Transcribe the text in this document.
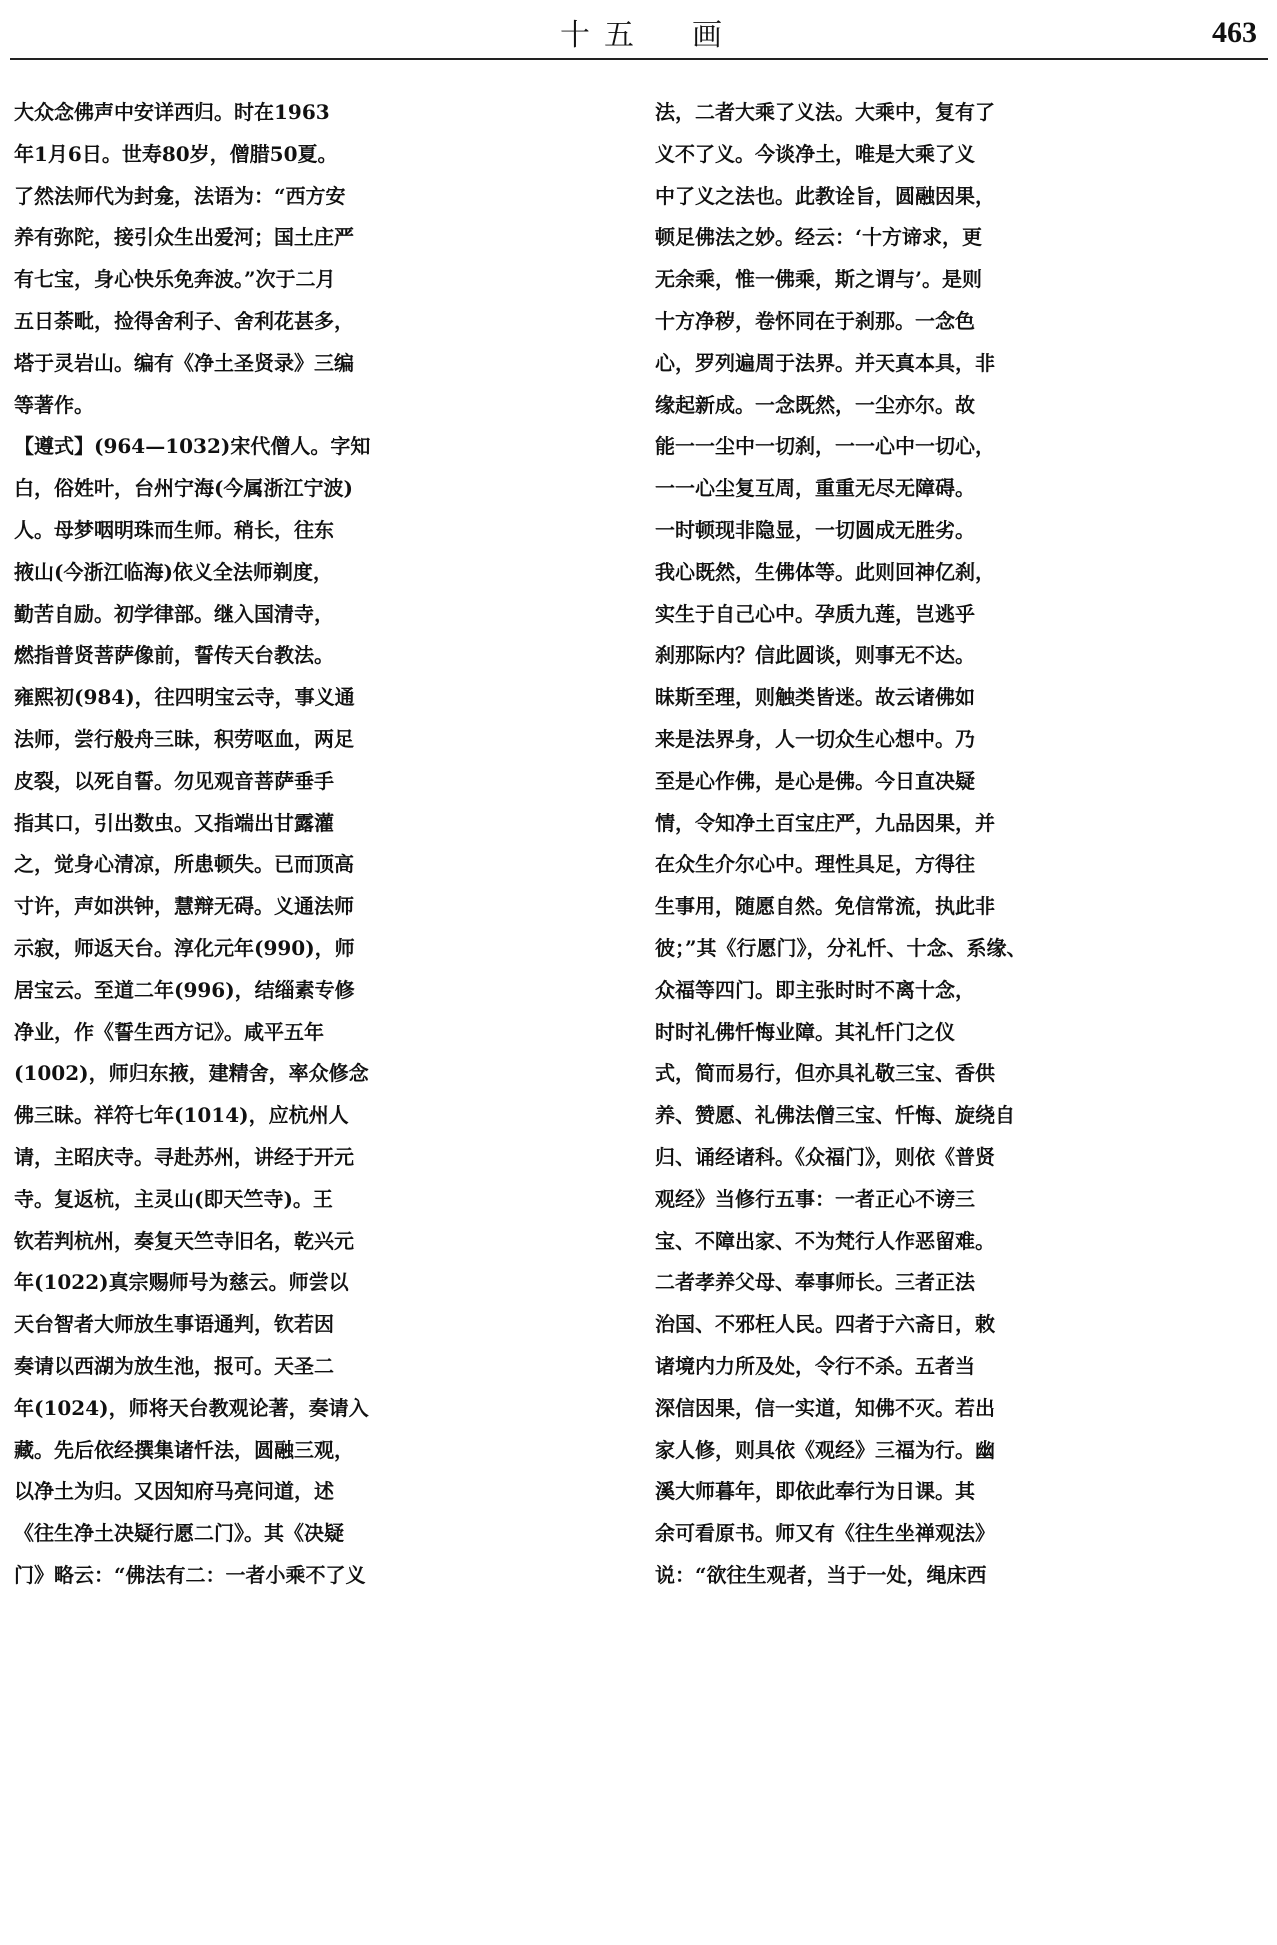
十五　画	463
大众念佛声中安详西归。时在1963
年1月6日。世寿80岁，僧腊50夏。
了然法师代为封龛，法语为：“西方安
养有弥陀，接引众生出爱河；国土庄严
有七宝，身心快乐免奔波。”次于二月
五日荼毗，捡得舍利子、舍利花甚多，
塔于灵岩山。编有《净土圣贤录》三编
等著作。
【遵式】(964—1032)宋代僧人。字知
白，俗姓叶，台州宁海(今属浙江宁波)
人。母梦咽明珠而生师。稍长，往东
掖山(今浙江临海)依义全法师剃度，
勤苦自励。初学律部。继入国清寺，
燃指普贤菩萨像前，誓传天台教法。
雍熙初(984)，往四明宝云寺，事义通
法师，尝行般舟三昧，积劳呕血，两足
皮裂，以死自誓。勿见观音菩萨垂手
指其口，引出数虫。又指端出甘露灌
之，觉身心清凉，所患顿失。已而顶高
寸许，声如洪钟，慧辩无碍。义通法师
示寂，师返天台。淳化元年(990)，师
居宝云。至道二年(996)，结缁素专修
净业，作《誓生西方记》。咸平五年
(1002)，师归东掖，建精舍，率众修念
佛三昧。祥符七年(1014)，应杭州人
请，主昭庆寺。寻赴苏州，讲经于开元
寺。复返杭，主灵山(即天竺寺)。王
钦若判杭州，奏复天竺寺旧名，乾兴元
年(1022)真宗赐师号为慈云。师尝以
天台智者大师放生事语通判，钦若因
奏请以西湖为放生池，报可。天圣二
年(1024)，师将天台教观论著，奏请入
藏。先后依经撰集诸忏法，圆融三观，
以净土为归。又因知府马亮问道，述
《往生净土决疑行愿二门》。其《决疑
门》略云：“佛法有二：一者小乘不了义
法，二者大乘了义法。大乘中，复有了
义不了义。今谈净土，唯是大乘了义
中了义之法也。此教诠旨，圆融因果，
顿足佛法之妙。经云：‘十方谛求，更
无余乘，惟一佛乘，斯之谓与’。是则
十方净秽，卷怀同在于刹那。一念色
心，罗列遍周于法界。并天真本具，非
缘起新成。一念既然，一尘亦尔。故
能一一尘中一切刹，一一心中一切心，
一一心尘复互周，重重无尽无障碍。
一时顿现非隐显，一切圆成无胜劣。
我心既然，生佛体等。此则回神亿刹，
实生于自己心中。孕质九莲，岂逃乎
刹那际内？信此圆谈，则事无不达。
昧斯至理，则触类皆迷。故云诸佛如
来是法界身，人一切众生心想中。乃
至是心作佛，是心是佛。今日直决疑
情，令知净土百宝庄严，九品因果，并
在众生介尔心中。理性具足，方得往
生事用，随愿自然。免信常流，执此非
彼；”其《行愿门》，分礼忏、十念、系缘、
众福等四门。即主张时时不离十念，
时时礼佛忏悔业障。其礼忏门之仪
式，简而易行，但亦具礼敬三宝、香供
养、赞愿、礼佛法僧三宝、忏悔、旋绕自
归、诵经诸科。《众福门》，则依《普贤
观经》当修行五事：一者正心不谤三
宝、不障出家、不为梵行人作恶留难。
二者孝养父母、奉事师长。三者正法
治国、不邪枉人民。四者于六斋日，敕
诸境内力所及处，令行不杀。五者当
深信因果，信一实道，知佛不灭。若出
家人修，则具依《观经》三福为行。幽
溪大师暮年，即依此奉行为日课。其
余可看原书。师又有《往生坐禅观法》
说：“欲往生观者，当于一处，绳床西
